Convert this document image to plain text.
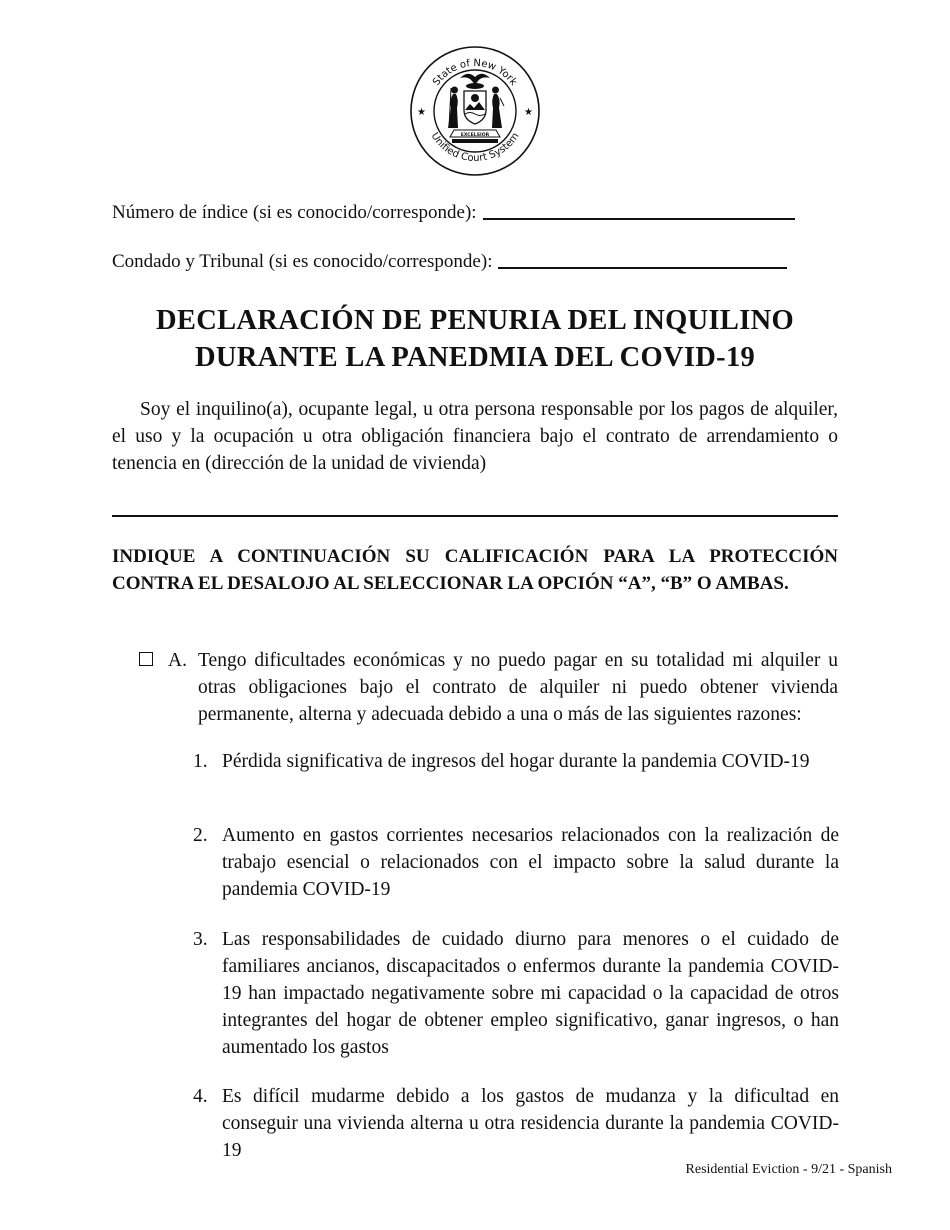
State of New York
Unified Court System
★	★
EXCELSIOR
Número de índice (si es conocido/corresponde):
Condado y Tribunal (si es conocido/corresponde):
DECLARACIÓN DE PENURIA DEL INQUILINO
DURANTE LA PANEDMIA DEL COVID-19
Soy el inquilino(a), ocupante legal, u otra persona responsable por los pagos de alquiler, el uso y la ocupación u otra obligación financiera bajo el contrato de arrendamiento o tenencia en (dirección de la unidad de vivienda)
INDIQUE A CONTINUACIÓN SU CALIFICACIÓN PARA LA PROTECCIÓN CONTRA EL DESALOJO AL SELECCIONAR LA OPCIÓN “A”, “B” O AMBAS.
A. Tengo dificultades económicas y no puedo pagar en su totalidad mi alquiler u otras obligaciones bajo el contrato de alquiler ni puedo obtener vivienda permanente, alterna y adecuada debido a una o más de las siguientes razones:
1. Pérdida significativa de ingresos del hogar durante la pandemia COVID-19
2. Aumento en gastos corrientes necesarios relacionados con la realización de trabajo esencial o relacionados con el impacto sobre la salud durante la pandemia COVID-19
3. Las responsabilidades de cuidado diurno para menores o el cuidado de familiares ancianos, discapacitados o enfermos durante la pandemia COVID-19 han impactado negativamente sobre mi capacidad o la capacidad de otros integrantes del hogar de obtener empleo significativo, ganar ingresos, o han aumentado los gastos
4. Es difícil mudarme debido a los gastos de mudanza y la dificultad en conseguir una vivienda alterna u otra residencia durante la pandemia COVID-19
Residential Eviction - 9/21 - Spanish
